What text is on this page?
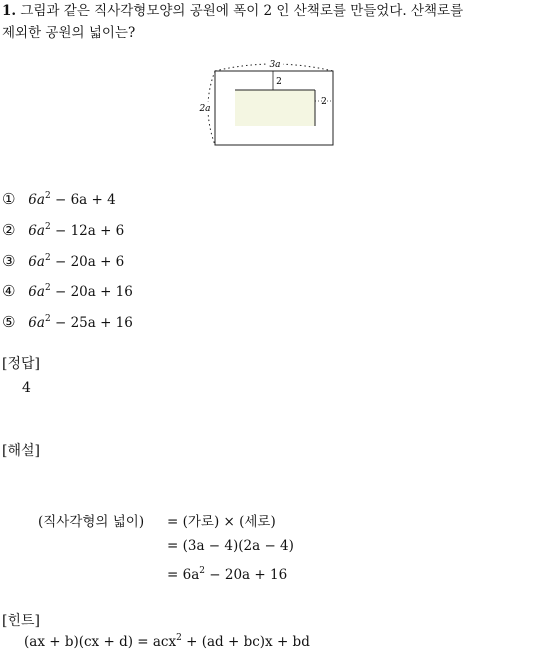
1. 그림과 같은 직사각형모양의 공원에 폭이 2 인 산책로를 만들었다. 산책로를
제외한 공원의 넓이는?
3a
2a
2
2
① $6a^2 - 6a + 4$
② $6a^2 - 12a + 6$
③ $6a^2 - 20a + 6$
④ $6a^2 - 20a + 16$
⑤ $6a^2 - 25a + 16$
[정답]
4
[해설]
(직사각형의 넓이) = (가로) × (세로)
= (3a − 4)(2a − 4)
= $6a^2 - 20a + 16$
[힌트]
(ax + b)(cx + d) = acx$^2$ + (ad + bc)x + bd
